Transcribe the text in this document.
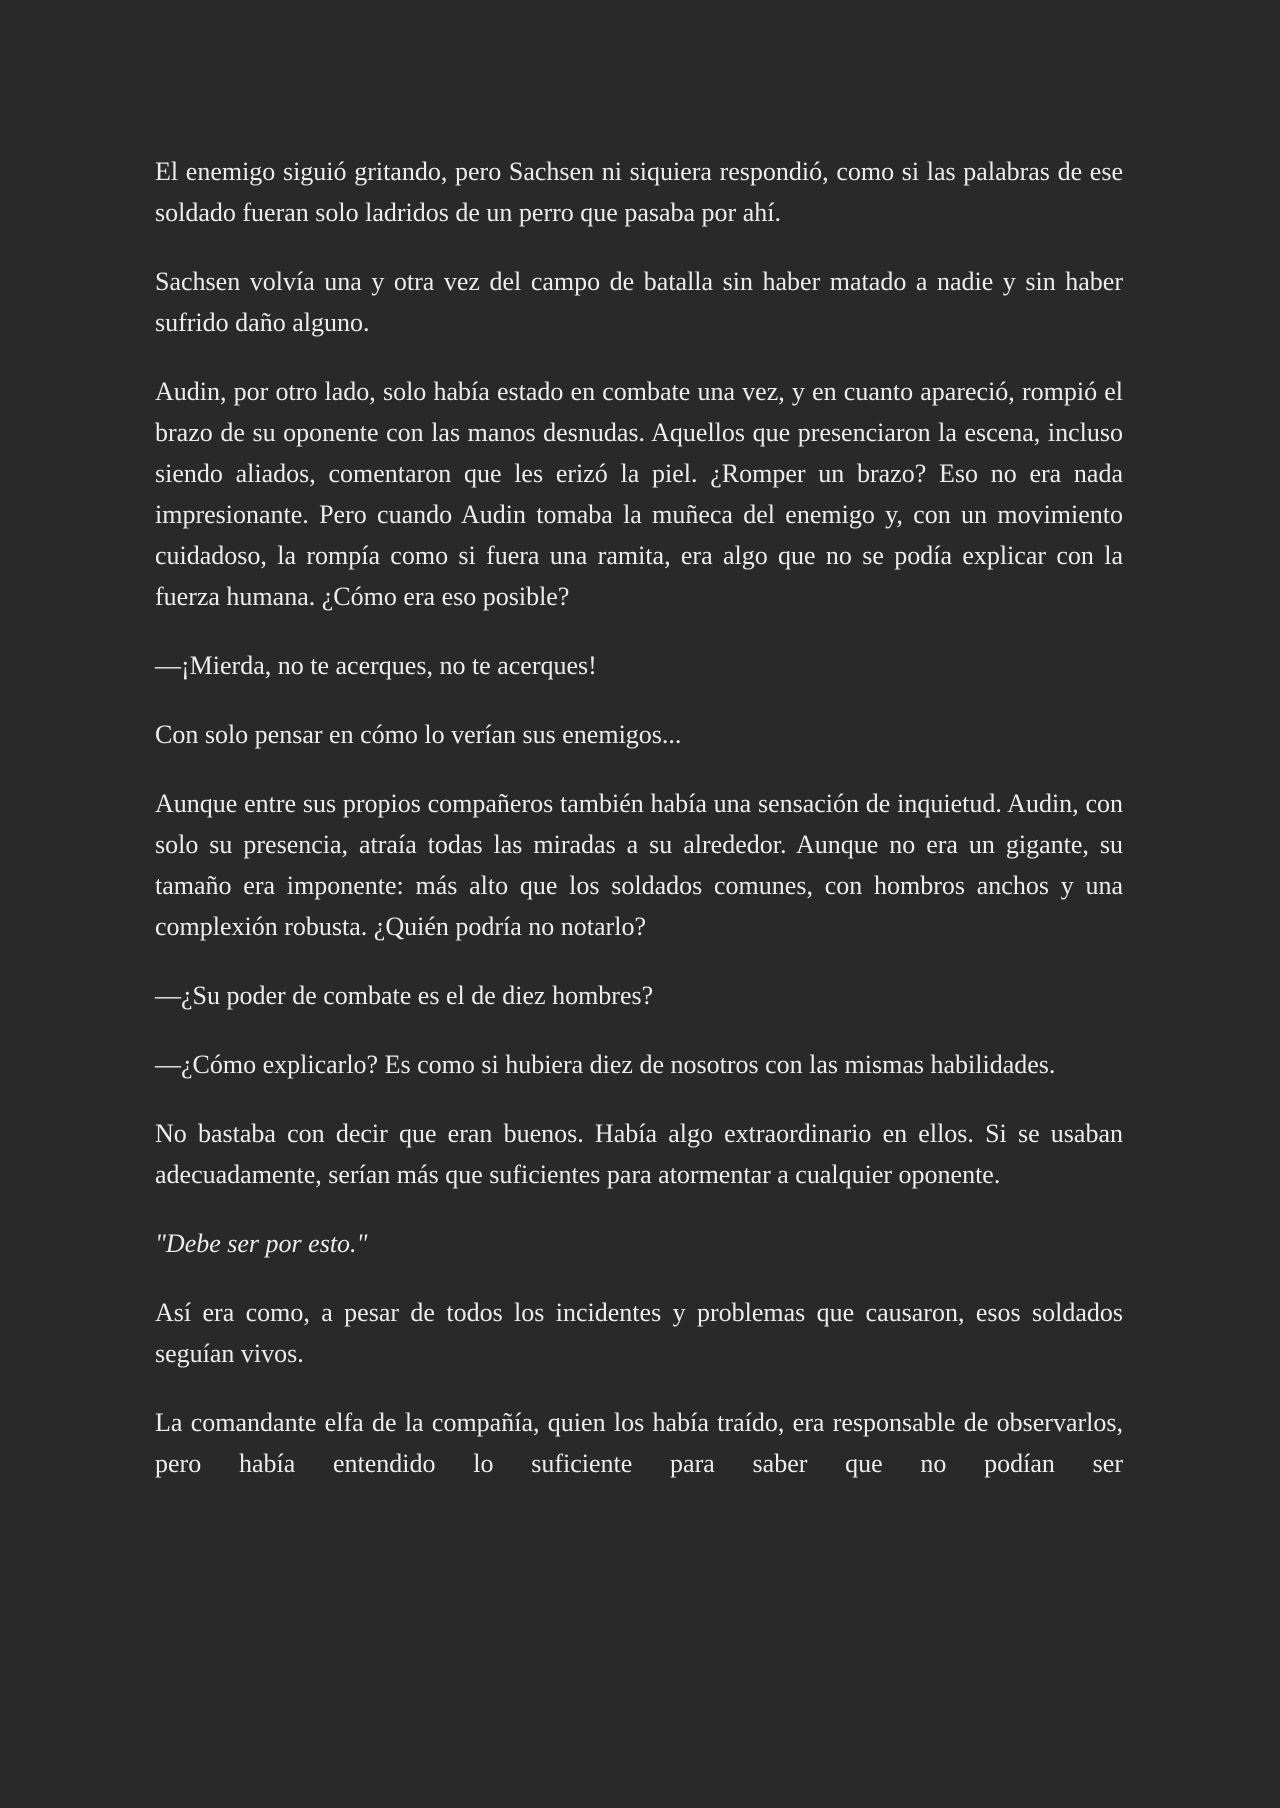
El enemigo siguió gritando, pero Sachsen ni siquiera respondió, como si las palabras de ese soldado fueran solo ladridos de un perro que pasaba por ahí.

Sachsen volvía una y otra vez del campo de batalla sin haber matado a nadie y sin haber sufrido daño alguno.

Audin, por otro lado, solo había estado en combate una vez, y en cuanto apareció, rompió el brazo de su oponente con las manos desnudas. Aquellos que presenciaron la escena, incluso siendo aliados, comentaron que les erizó la piel. ¿Romper un brazo? Eso no era nada impresionante. Pero cuando Audin tomaba la muñeca del enemigo y, con un movimiento cuidadoso, la rompía como si fuera una ramita, era algo que no se podía explicar con la fuerza humana. ¿Cómo era eso posible?

—¡Mierda, no te acerques, no te acerques!

Con solo pensar en cómo lo verían sus enemigos...

Aunque entre sus propios compañeros también había una sensación de inquietud. Audin, con solo su presencia, atraía todas las miradas a su alrededor. Aunque no era un gigante, su tamaño era imponente: más alto que los soldados comunes, con hombros anchos y una complexión robusta. ¿Quién podría no notarlo?

—¿Su poder de combate es el de diez hombres?

—¿Cómo explicarlo? Es como si hubiera diez de nosotros con las mismas habilidades.

No bastaba con decir que eran buenos. Había algo extraordinario en ellos. Si se usaban adecuadamente, serían más que suficientes para atormentar a cualquier oponente.

"Debe ser por esto."

Así era como, a pesar de todos los incidentes y problemas que causaron, esos soldados seguían vivos.

La comandante elfa de la compañía, quien los había traído, era responsable de observarlos, pero había entendido lo suficiente para saber que no podían ser
